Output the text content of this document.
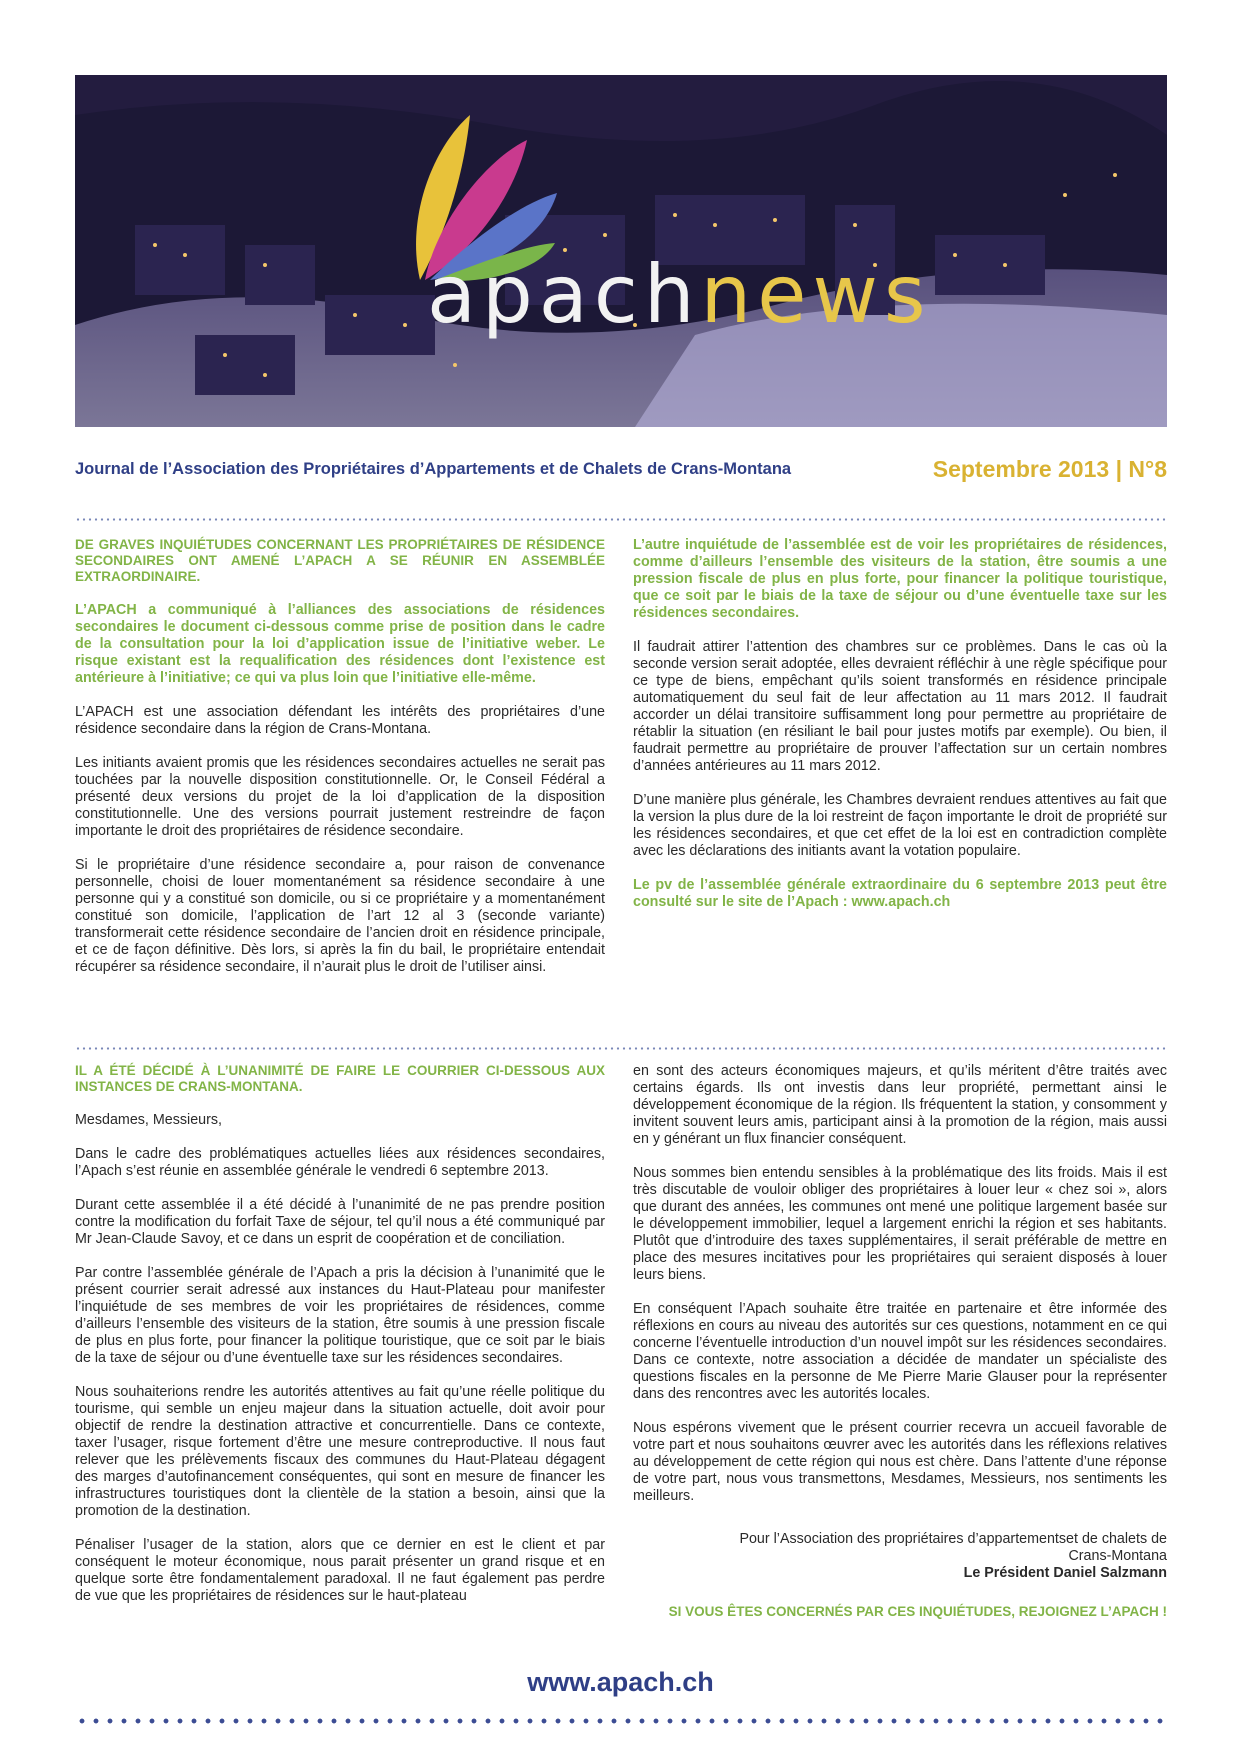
apachnews
Journal de l’Association des Propriétaires d’Appartements et de Chalets de Crans-Montana	Septembre 2013 | N°8

DE GRAVES INQUIÉTUDES CONCERNANT LES PROPRIÉTAIRES DE RÉSIDENCE SECONDAIRES ONT AMENÉ L’APACH A SE RÉUNIR EN ASSEMBLÉE EXTRAORDINAIRE.

L’APACH a communiqué à l’alliances des associations de résidences secondaires le document ci-dessous comme prise de position dans le cadre de la consultation pour la loi d’application issue de l’initiative weber. Le risque existant est la requalification des résidences dont l’existence est antérieure à l’initiative; ce qui va plus loin que l’initiative elle-même.

L’APACH est une association défendant les intérêts des propriétaires d’une résidence secondaire dans la région de Crans-Montana.

Les initiants avaient promis que les résidences secondaires actuelles ne serait pas touchées par la nouvelle disposition constitutionnelle. Or, le Conseil Fédéral a présenté deux versions du projet de la loi d’application de la disposition constitutionnelle. Une des versions pourrait justement restreindre de façon importante le droit des propriétaires de résidence secondaire.

Si le propriétaire d’une résidence secondaire a, pour raison de convenance personnelle, choisi de louer momentanément sa résidence secondaire à une personne qui y a constitué son domicile, ou si ce propriétaire y a momentanément constitué son domicile, l’application de l’art 12 al 3 (seconde variante) transformerait cette résidence secondaire de l’ancien droit en résidence principale, et ce de façon définitive. Dès lors, si après la fin du bail, le propriétaire entendait récupérer sa résidence secondaire, il n’aurait plus le droit de l’utiliser ainsi.

L’autre inquiétude de l’assemblée est de voir les propriétaires de résidences, comme d’ailleurs l’ensemble des visiteurs de la station, être soumis a une pression fiscale de plus en plus forte, pour financer la politique touristique, que ce soit par le biais de la taxe de séjour ou d’une éventuelle taxe sur les résidences secondaires.

Il faudrait attirer l’attention des chambres sur ce problèmes. Dans le cas où la seconde version serait adoptée, elles devraient réfléchir à une règle spécifique pour ce type de biens, empêchant qu’ils soient transformés en résidence principale automatiquement du seul fait de leur affectation au 11 mars 2012. Il faudrait accorder un délai transitoire suffisamment long pour permettre au propriétaire de rétablir la situation (en résiliant le bail pour justes motifs par exemple). Ou bien, il faudrait permettre au propriétaire de prouver l’affectation sur un certain nombres d’années antérieures au 11 mars 2012.

D’une manière plus générale, les Chambres devraient rendues attentives au fait que la version la plus dure de la loi restreint de façon importante le droit de propriété sur les résidences secondaires, et que cet effet de la loi est en contradiction complète avec les déclarations des initiants avant la votation populaire.

Le pv de l’assemblée générale extraordinaire du 6 septembre 2013 peut être consulté sur le site de l’Apach : www.apach.ch

IL A ÉTÉ DÉCIDÉ À L’UNANIMITÉ DE FAIRE LE COURRIER CI-DESSOUS AUX INSTANCES DE CRANS-MONTANA.

Mesdames, Messieurs,

Dans le cadre des problématiques actuelles liées aux résidences secondaires, l’Apach s’est réunie en assemblée générale le vendredi 6 septembre 2013.

Durant cette assemblée il a été décidé à l’unanimité de ne pas prendre position contre la modification du forfait Taxe de séjour, tel qu’il nous a été communiqué par Mr Jean-Claude Savoy, et ce dans un esprit de coopération et de conciliation.

Par contre l’assemblée générale de l’Apach a pris la décision à l’unanimité que le présent courrier serait adressé aux instances du Haut-Plateau pour manifester l’inquiétude de ses membres de voir les propriétaires de résidences, comme d’ailleurs l’ensemble des visiteurs de la station, être soumis à une pression fiscale de plus en plus forte, pour financer la politique touristique, que ce soit par le biais de la taxe de séjour ou d’une éventuelle taxe sur les résidences secondaires.

Nous souhaiterions rendre les autorités attentives au fait qu’une réelle politique du tourisme, qui semble un enjeu majeur dans la situation actuelle, doit avoir pour objectif de rendre la destination attractive et concurrentielle. Dans ce contexte, taxer l’usager, risque fortement d’être une mesure contreproductive. Il nous faut relever que les prélèvements fiscaux des communes du Haut-Plateau dégagent des marges d’autofinancement conséquentes, qui sont en mesure de financer les infrastructures touristiques dont la clientèle de la station a besoin, ainsi que la promotion de la destination.

Pénaliser l’usager de la station, alors que ce dernier en est le client et par conséquent le moteur économique, nous parait présenter un grand risque et en quelque sorte être fondamentalement paradoxal. Il ne faut également pas perdre de vue que les propriétaires de résidences sur le haut-plateau

en sont des acteurs économiques majeurs, et qu’ils méritent d’être traités avec certains égards. Ils ont investis dans leur propriété, permettant ainsi le développement économique de la région. Ils fréquentent la station, y consomment y invitent souvent leurs amis, participant ainsi à la promotion de la région, mais aussi en y générant un flux financier conséquent.

Nous sommes bien entendu sensibles à la problématique des lits froids. Mais il est très discutable de vouloir obliger des propriétaires à louer leur « chez soi », alors que durant des années, les communes ont mené une politique largement basée sur le développement immobilier, lequel a largement enrichi la région et ses habitants. Plutôt que d’introduire des taxes supplémentaires, il serait préférable de mettre en place des mesures incitatives pour les propriétaires qui seraient disposés à louer leurs biens.

En conséquent l’Apach souhaite être traitée en partenaire et être informée des réflexions en cours au niveau des autorités sur ces questions, notamment en ce qui concerne l’éventuelle introduction d’un nouvel impôt sur les résidences secondaires. Dans ce contexte, notre association a décidée de mandater un spécialiste des questions fiscales en la personne de Me Pierre Marie Glauser pour la représenter dans des rencontres avec les autorités locales.

Nous espérons vivement que le présent courrier recevra un accueil favorable de votre part et nous souhaitons œuvrer avec les autorités dans les réflexions relatives au développement de cette région qui nous est chère. Dans l’attente d’une réponse de votre part, nous vous transmettons, Mesdames, Messieurs, nos sentiments les meilleurs.

Pour l’Association des propriétaires d’appartementset de chalets de Crans-Montana
Le Président Daniel Salzmann

SI VOUS ÊTES CONCERNÉS PAR CES INQUIÉTUDES, REJOIGNEZ L’APACH !

www.apach.ch
